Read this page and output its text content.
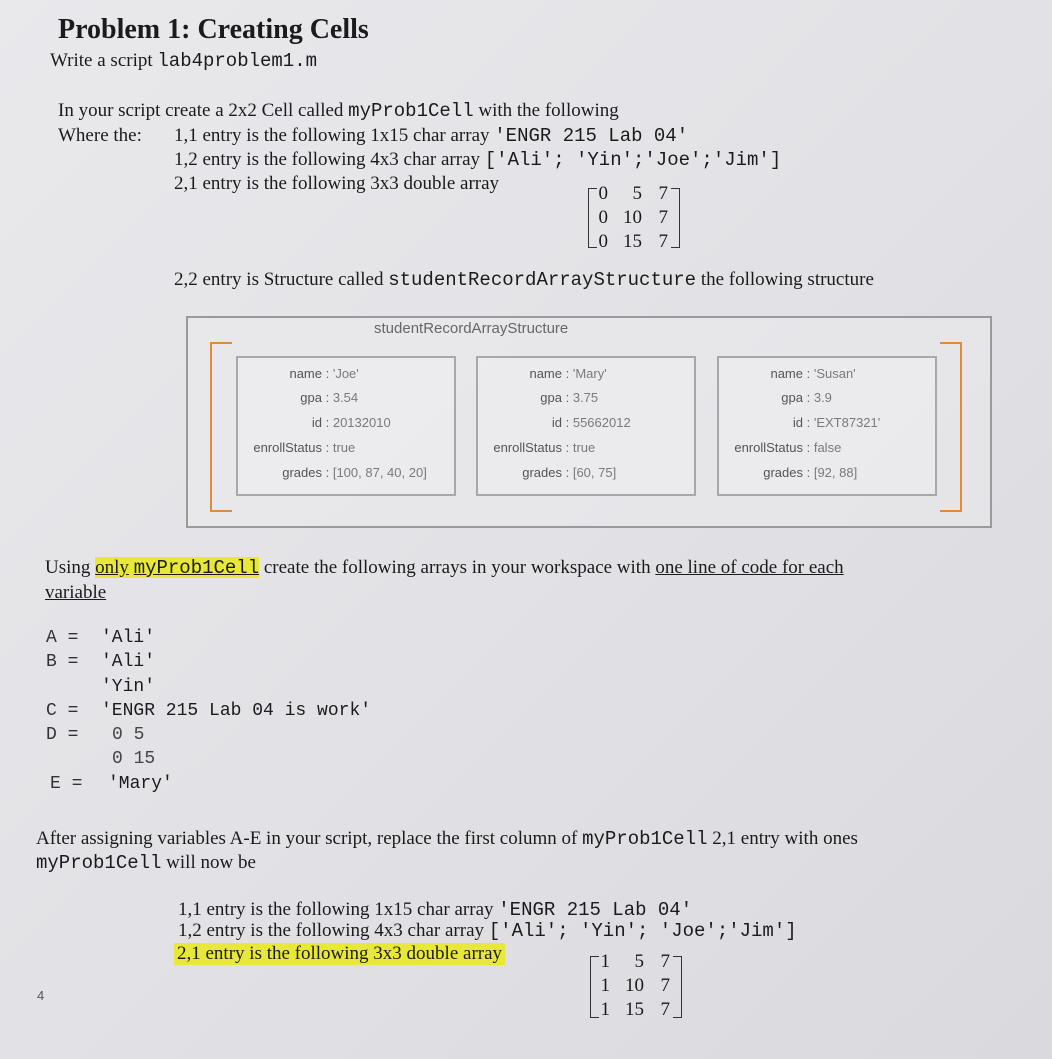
Problem 1: Creating Cells
Write a script lab4problem1.m
In your script create a 2x2 Cell called myProb1Cell with the following
Where the: 1,1 entry is the following 1x15 char array 'ENGR 215 Lab 04'
1,2 entry is the following 4x3 char array ['Ali'; 'Yin';'Joe';'Jim']
2,1 entry is the following 3x3 double array	0 5 7
0 10 7
0 15 7
2,2 entry is Structure called studentRecordArrayStructure the following structure
studentRecordArrayStructure
name : 'Joe'
gpa : 3.54
id : 20132010
enrollStatus : true
grades : [100, 87, 40, 20]
name : 'Mary'
gpa : 3.75
id : 55662012
enrollStatus : true
grades : [60, 75]
name : 'Susan'
gpa : 3.9
id : 'EXT87321'
enrollStatus : false
grades : [92, 88]
Using only myProb1Cell create the following arrays in your workspace with one line of code for each
variable
A = 'Ali'
B = 'Ali'
'Yin'
C = 'ENGR 215 Lab 04 is work'
D = 0 5
0 15
E = 'Mary'
After assigning variables A-E in your script, replace the first column of myProb1Cell 2,1 entry with ones
myProb1Cell will now be
1,1 entry is the following 1x15 char array 'ENGR 215 Lab 04'
1,2 entry is the following 4x3 char array ['Ali'; 'Yin'; 'Joe';'Jim']
2,1 entry is the following 3x3 double array	1 5 7
1 10 7
1 15 7
4
